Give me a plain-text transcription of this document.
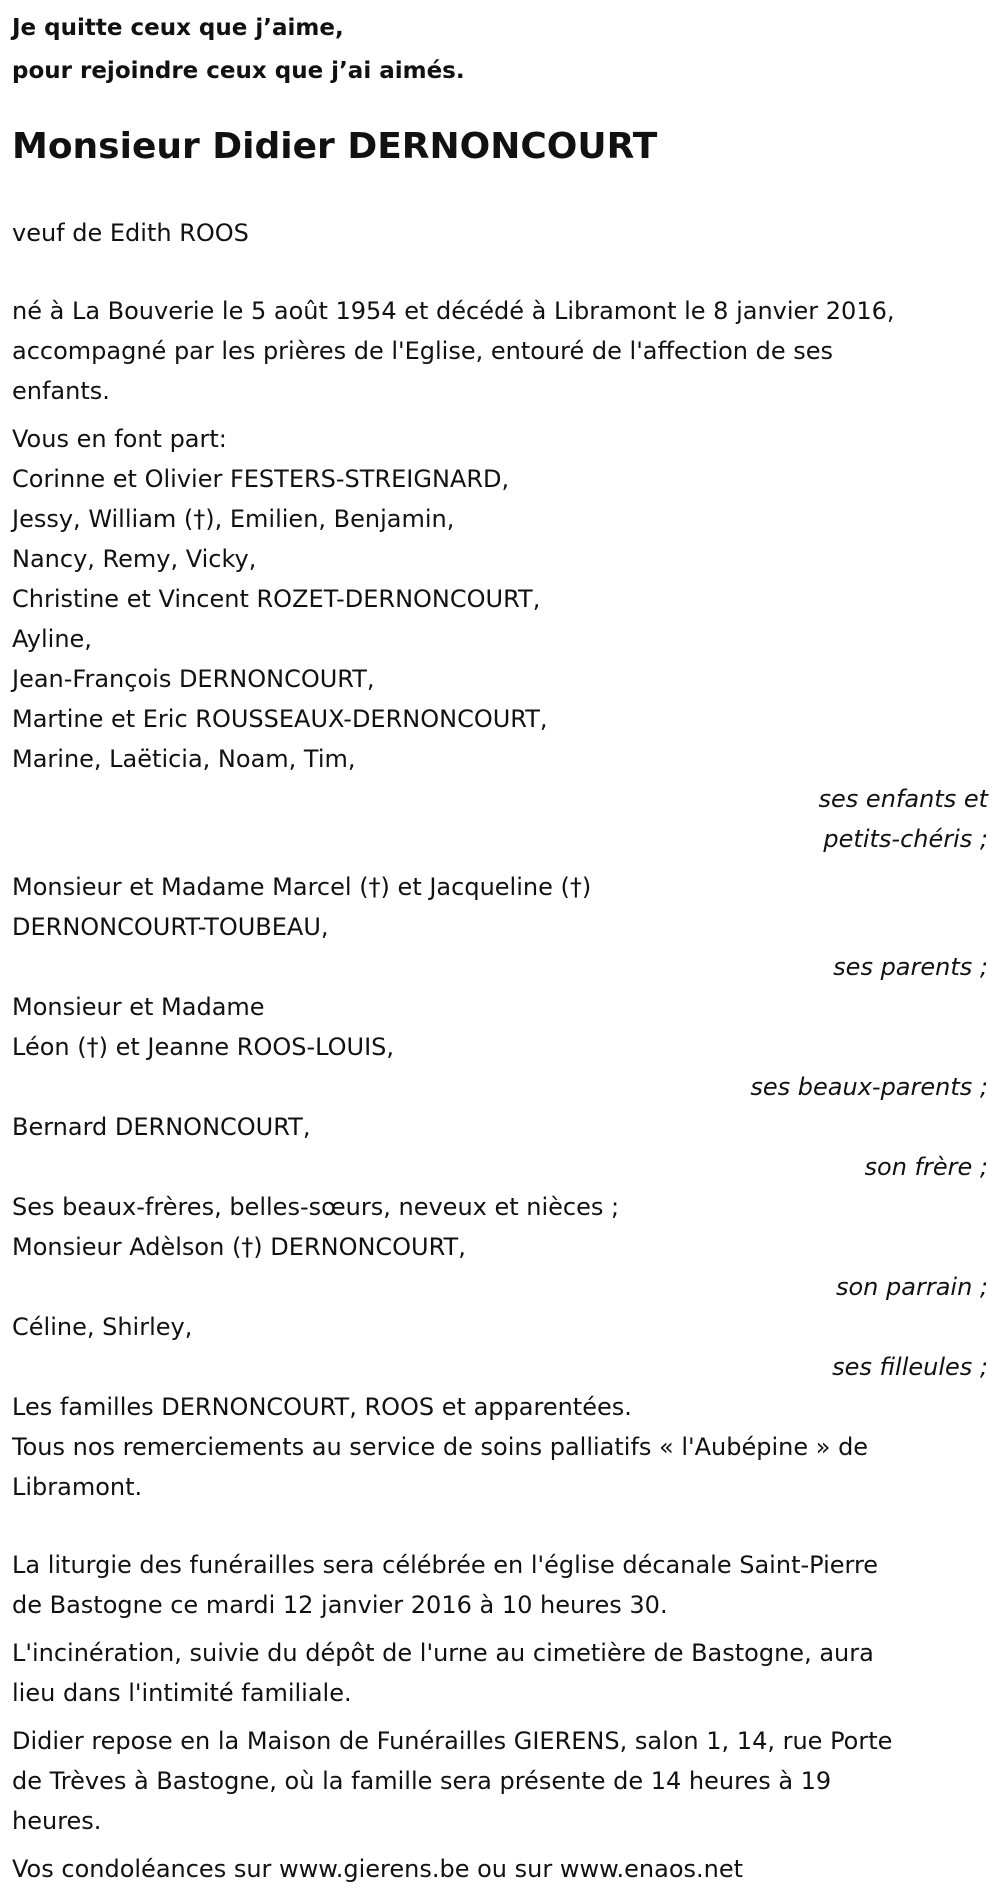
Je quitte ceux que j’aime,

pour rejoindre ceux que j’ai aimés.

Monsieur Didier DERNONCOURT

veuf de Edith ROOS

né à La Bouverie le 5 août 1954 et décédé à Libramont le 8 janvier 2016,

accompagné par les prières de l'Eglise, entouré de l'affection de ses

enfants.

Vous en font part:

Corinne et Olivier FESTERS-STREIGNARD,

Jessy, William (†), Emilien, Benjamin,

Nancy, Remy, Vicky,

Christine et Vincent ROZET-DERNONCOURT,

Ayline,

Jean-François DERNONCOURT,

Martine et Eric ROUSSEAUX-DERNONCOURT,

Marine, Laëticia, Noam, Tim,

ses enfants et

petits-chéris ;

Monsieur et Madame Marcel (†) et Jacqueline (†)

DERNONCOURT-TOUBEAU,

ses parents ;

Monsieur et Madame

Léon (†) et Jeanne ROOS-LOUIS,

ses beaux-parents ;

Bernard DERNONCOURT,

son frère ;

Ses beaux-frères, belles-sœurs, neveux et nièces ;

Monsieur Adèlson (†) DERNONCOURT,

son parrain ;

Céline, Shirley,

ses filleules ;

Les familles DERNONCOURT, ROOS et apparentées.

Tous nos remerciements au service de soins palliatifs « l'Aubépine » de

Libramont.

La liturgie des funérailles sera célébrée en l'église décanale Saint-Pierre

de Bastogne ce mardi 12 janvier 2016 à 10 heures 30.

L'incinération, suivie du dépôt de l'urne au cimetière de Bastogne, aura

lieu dans l'intimité familiale.

Didier repose en la Maison de Funérailles GIERENS, salon 1, 14, rue Porte

de Trèves à Bastogne, où la famille sera présente de 14 heures à 19

heures.

Vos condoléances sur www.gierens.be ou sur www.enaos.net
